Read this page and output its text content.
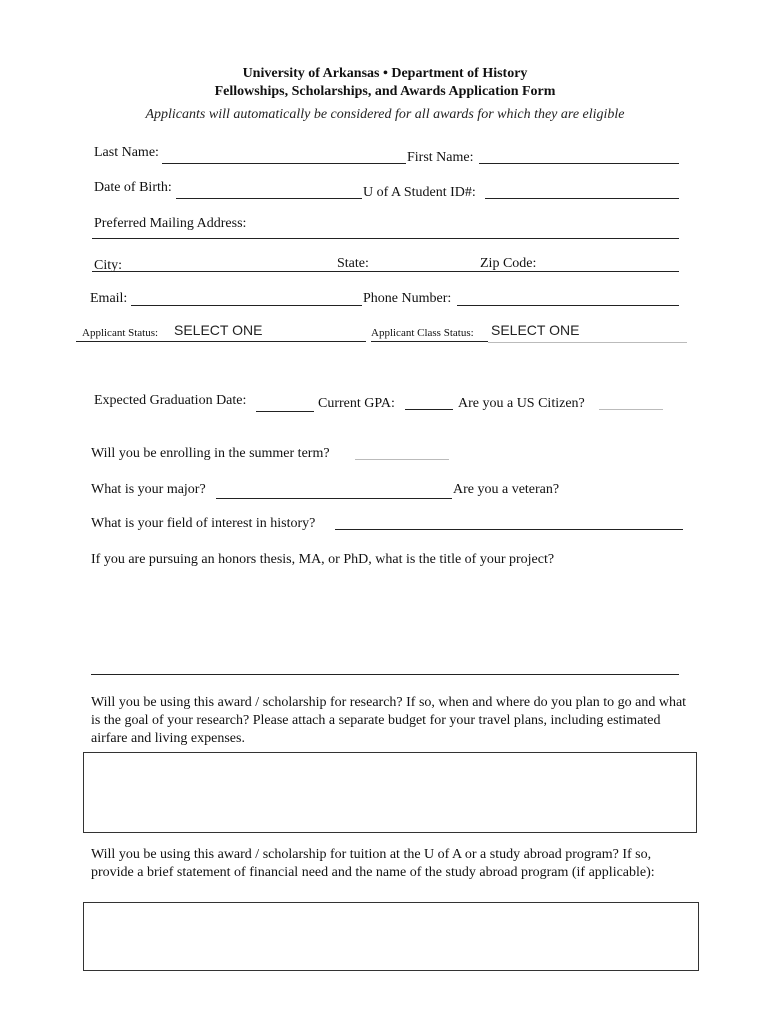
University of Arkansas • Department of History
Fellowships, Scholarships, and Awards Application Form
Applicants will automatically be considered for all awards for which they are eligible
Last Name:	First Name:
Date of Birth:	U of A Student ID#:
Preferred Mailing Address:
City:	State:	Zip Code:
Email:	Phone Number:
Applicant Status: SELECT ONE	Applicant Class Status: SELECT ONE
Expected Graduation Date:	Current GPA:	Are you a US Citizen?
Will you be enrolling in the summer term?
What is your major?	Are you a veteran?
What is your field of interest in history?
If you are pursuing an honors thesis, MA, or PhD, what is the title of your project?
Will you be using this award / scholarship for research? If so, when and where do you plan to go and what is the goal of your research? Please attach a separate budget for your travel plans, including estimated airfare and living expenses.
Will you be using this award / scholarship for tuition at the U of A or a study abroad program? If so, provide a brief statement of financial need and the name of the study abroad program (if applicable):
